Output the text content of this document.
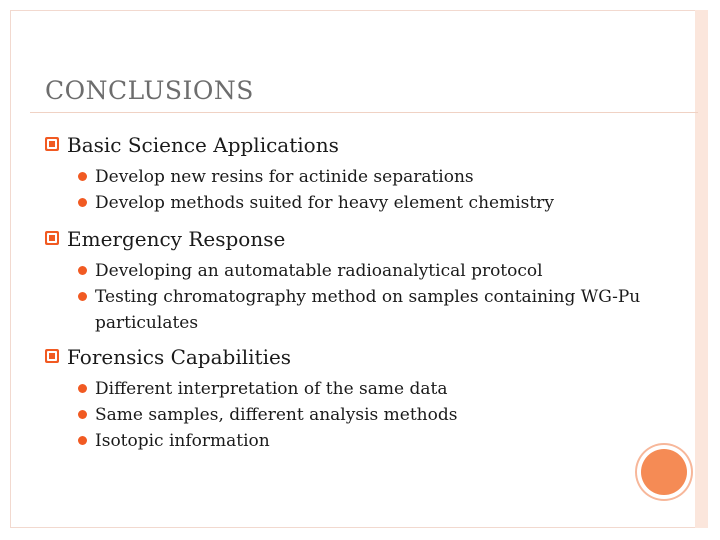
CONCLUSIONS
Basic Science Applications
Develop new resins for actinide separations
Develop methods suited for heavy element chemistry
Emergency Response
Developing an automatable radioanalytical protocol
Testing chromatography method on samples containing WG-Pu particulates
Forensics Capabilities
Different interpretation of the same data
Same samples, different analysis methods
Isotopic information
